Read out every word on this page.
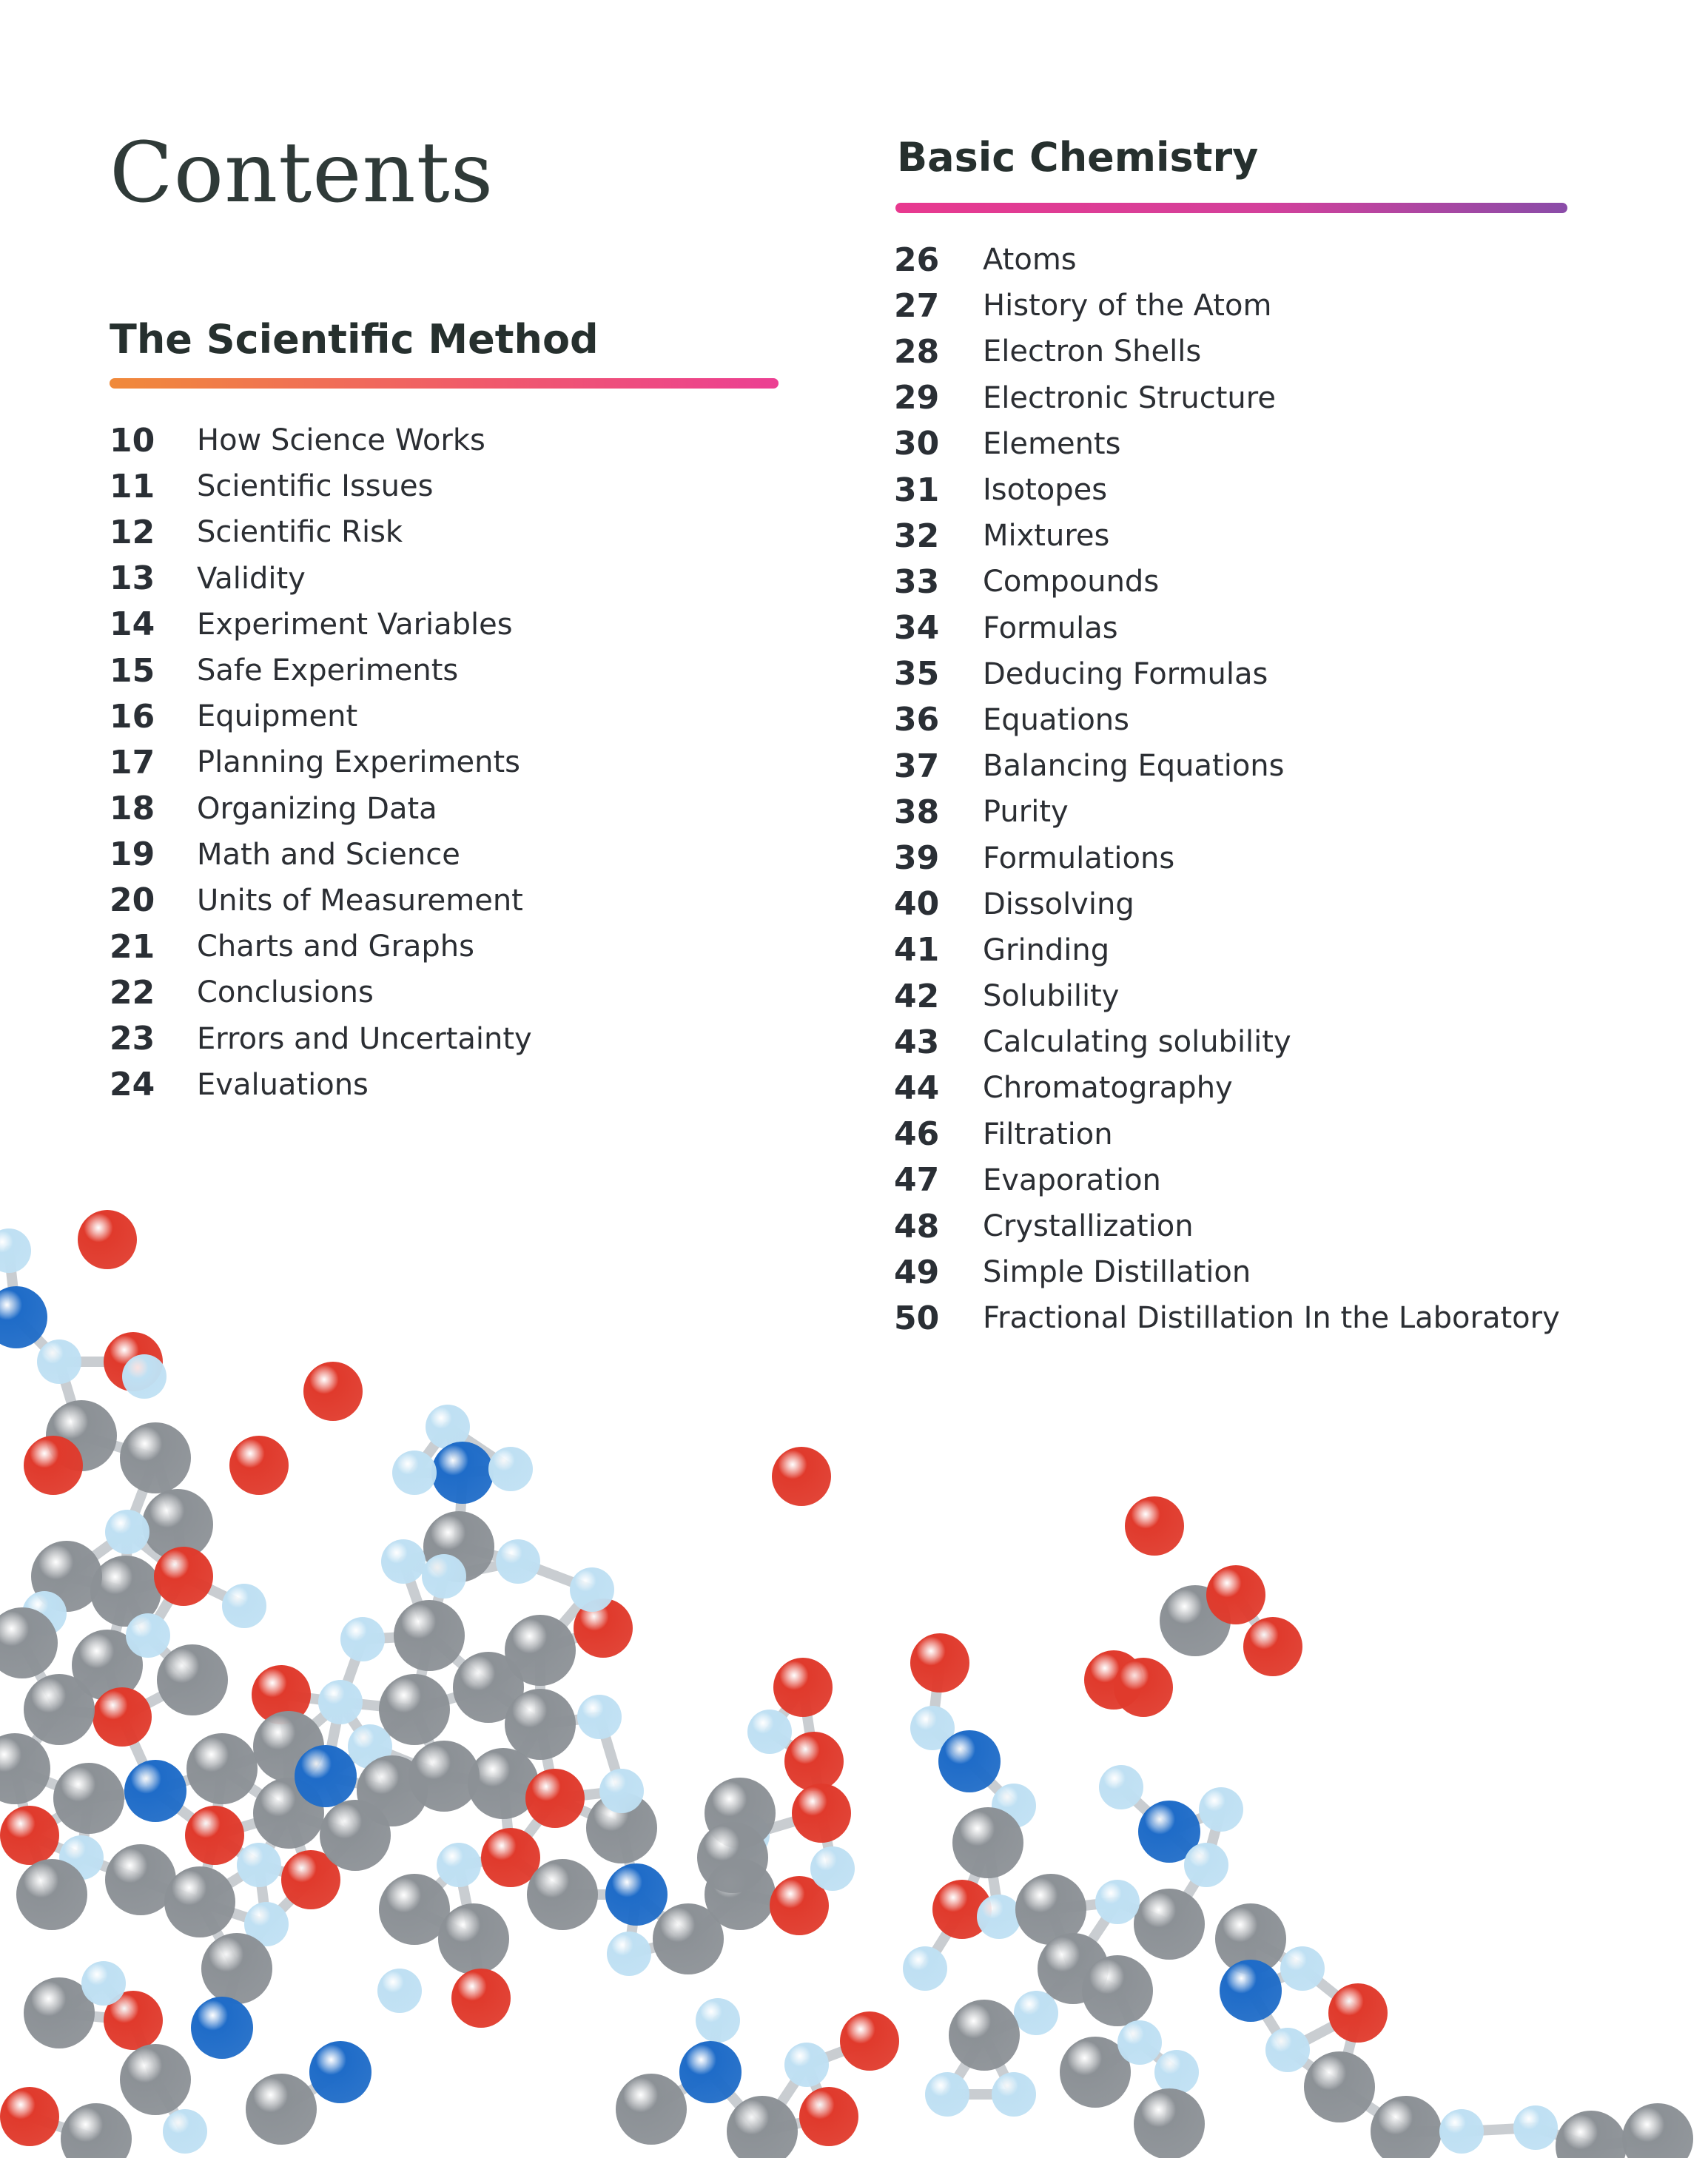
Contents
The Scientific Method
10	How Science Works
11	Scientific Issues
12	Scientific Risk
13	Validity
14	Experiment Variables
15	Safe Experiments
16	Equipment
17	Planning Experiments
18	Organizing Data
19	Math and Science
20	Units of Measurement
21	Charts and Graphs
22	Conclusions
23	Errors and Uncertainty
24	Evaluations
Basic Chemistry
26	Atoms
27	History of the Atom
28	Electron Shells
29	Electronic Structure
30	Elements
31	Isotopes
32	Mixtures
33	Compounds
34	Formulas
35	Deducing Formulas
36	Equations
37	Balancing Equations
38	Purity
39	Formulations
40	Dissolving
41	Grinding
42	Solubility
43	Calculating solubility
44	Chromatography
46	Filtration
47	Evaporation
48	Crystallization
49	Simple Distillation
50	Fractional Distillation In the Laboratory
